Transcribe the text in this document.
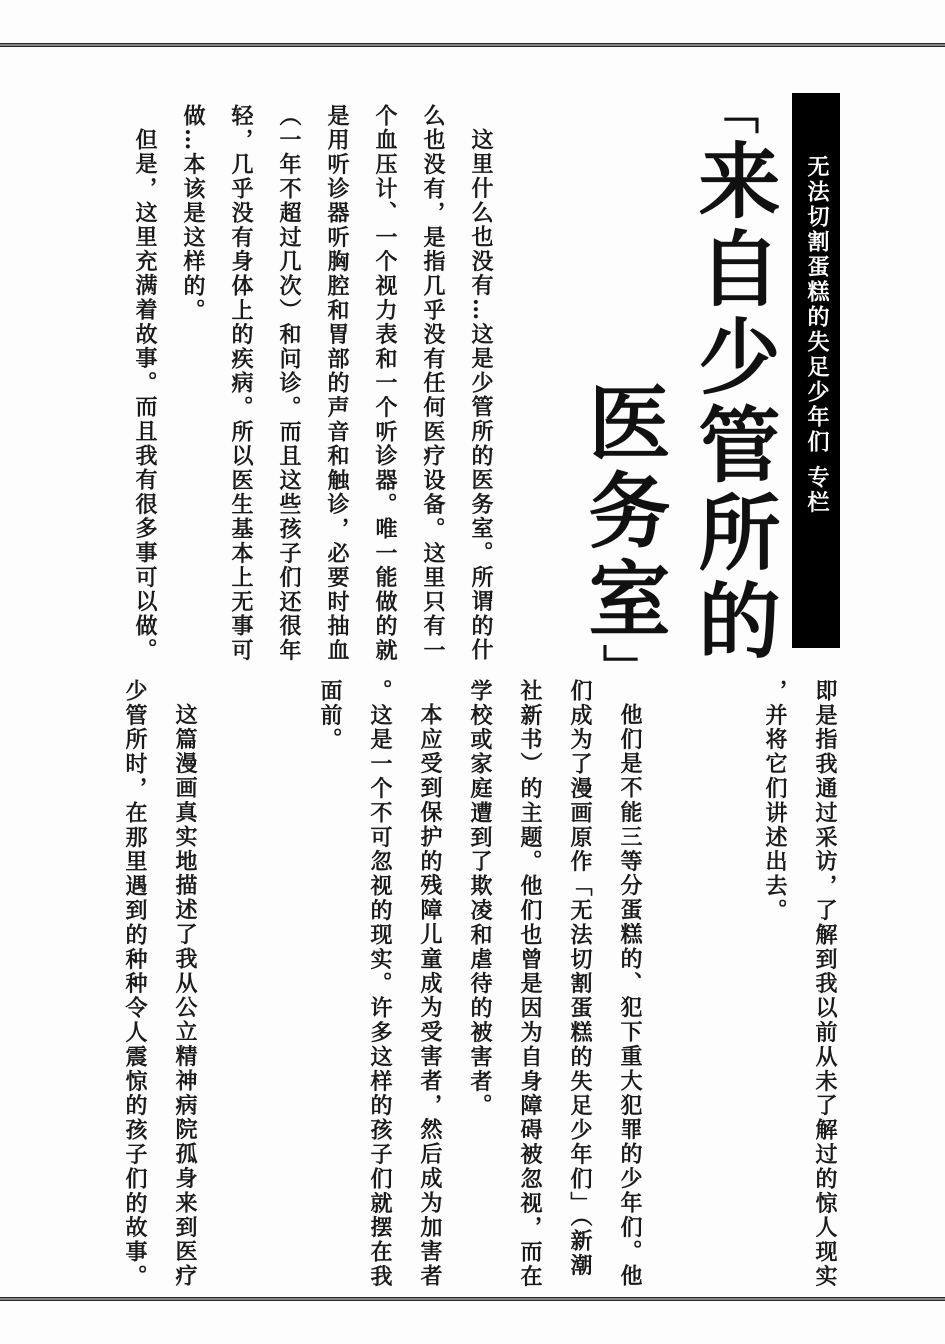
无法切割蛋糕的失足少年们 专栏
「来自少管所的
医务室」

这里什么也没有…这是少管所的医务室。所谓的什

么也没有，是指几乎没有任何医疗设备。这里只有一

个血压计、一个视力表和一个听诊器。唯一能做的就

是用听诊器听胸腔和胃部的声音和触诊，必要时抽血

（一年不超过几次）和问诊。而且这些孩子们还很年

轻，几乎没有身体上的疾病。所以医生基本上无事可

做…本该是这样的。

但是，这里充满着故事。而且我有很多事可以做。

即是指我通过采访，了解到我以前从未了解过的惊人现实

，并将它们讲述出去。

他们是不能三等分蛋糕的、犯下重大犯罪的少年们。他

们成为了漫画原作「无法切割蛋糕的失足少年们」（新潮

社新书）的主题。他们也曾是因为自身障碍被忽视，而在

学校或家庭遭到了欺凌和虐待的被害者。

本应受到保护的残障儿童成为受害者，然后成为加害者

。这是一个不可忽视的现实。许多这样的孩子们就摆在我

面前。

这篇漫画真实地描述了我从公立精神病院孤身来到医疗

少管所时，在那里遇到的种种令人震惊的孩子们的故事。
